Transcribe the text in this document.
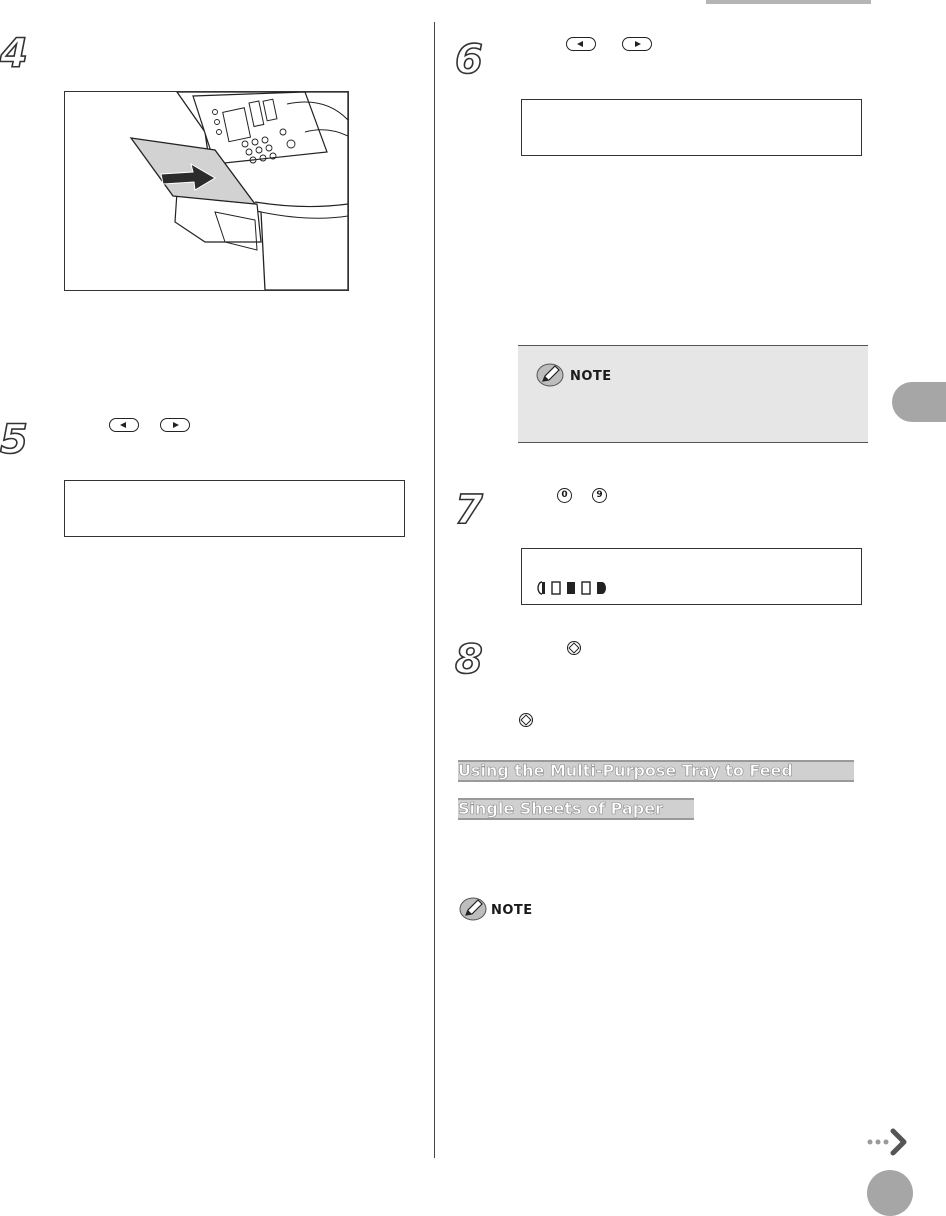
4
5
6
NOTE
7	0	9
8
Using the Multi-Purpose Tray to Feed
Single Sheets of Paper
NOTE
